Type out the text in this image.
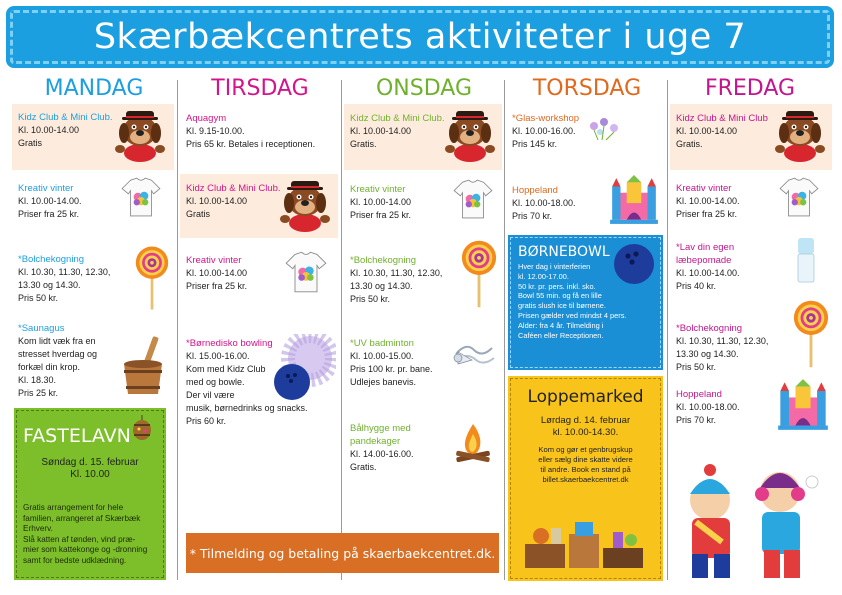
Skærbækcentrets aktiviteter i uge 7
MANDAG	TIRSDAG	ONSDAG	TORSDAG	FREDAG
Kidz Club & Mini Club.
Kl. 10.00-14.00
Gratis
Kreativ vinter
Kl. 10.00-14.00.
Priser fra 25 kr.
*Bolchekogning
Kl. 10.30, 11.30, 12.30,
13.30 og 14.30.
Pris 50 kr.
*Saunagus
Kom lidt væk fra en
stresset hverdag og
forkæl din krop.
Kl. 18.30.
Pris 25 kr.
FASTELAVN
Søndag d. 15. februar
Kl. 10.00
Gratis arrangement for hele
familien, arrangeret af Skærbæk
Erhverv.
Slå katten af tønden, vind præ-
mier som kattekonge og -dronning
samt for bedste udklædning.
Aquagym
Kl. 9.15-10.00.
Pris 65 kr. Betales i receptionen.
Kidz Club & Mini Club.
Kl. 10.00-14.00
Gratis
Kreativ vinter
Kl. 10.00-14.00
Priser fra 25 kr.
*Børnedisko bowling
Kl. 15.00-16.00.
Kom med Kidz Club
med og bowle.
Der vil være
musik, børnedrinks og snacks.
Pris 60 kr.
Kidz Club & Mini Club.
Kl. 10.00-14.00
Gratis.
Kreativ vinter
Kl. 10.00-14.00
Priser fra 25 kr.
*Bolchekogning
Kl. 10.30, 11.30, 12.30,
13.30 og 14.30.
Pris 50 kr.
*UV badminton
Kl. 10.00-15.00.
Pris 100 kr. pr. bane.
Udlejes banevis.
Bålhygge med
pandekager
Kl. 14.00-16.00.
Gratis.
*Glas-workshop
Kl. 10.00-16.00.
Pris 145 kr.
Hoppeland
Kl. 10.00-18.00.
Pris 70 kr.
BØRNEBOWL
Hver dag i vinterferien
kl. 12.00-17.00.
50 kr. pr. pers. inkl. sko.
Bowl 55 min. og få en lille
gratis slush ice til børnene.
Prisen gælder ved mindst 4 pers.
Alder: fra 4 år. Tilmelding i
Caféen eller Receptionen.
Loppemarked
Lørdag d. 14. februar
kl. 10.00-14.30.
Kom og gør et genbrugskup
eller sælg dine skatte videre
til andre. Book en stand på
billet.skaerbaekcentret.dk
Kidz Club & Mini Club
Kl. 10.00-14.00
Gratis.
Kreativ vinter
Kl. 10.00-14.00.
Priser fra 25 kr.
*Lav din egen
læbepomade
Kl. 10.00-14.00.
Pris 40 kr.
*Bolchekogning
Kl. 10.30, 11.30, 12.30,
13.30 og 14.30.
Pris 50 kr.
Hoppeland
Kl. 10.00-18.00.
Pris 70 kr.
* Tilmelding og betaling på skaerbaekcentret.dk.
